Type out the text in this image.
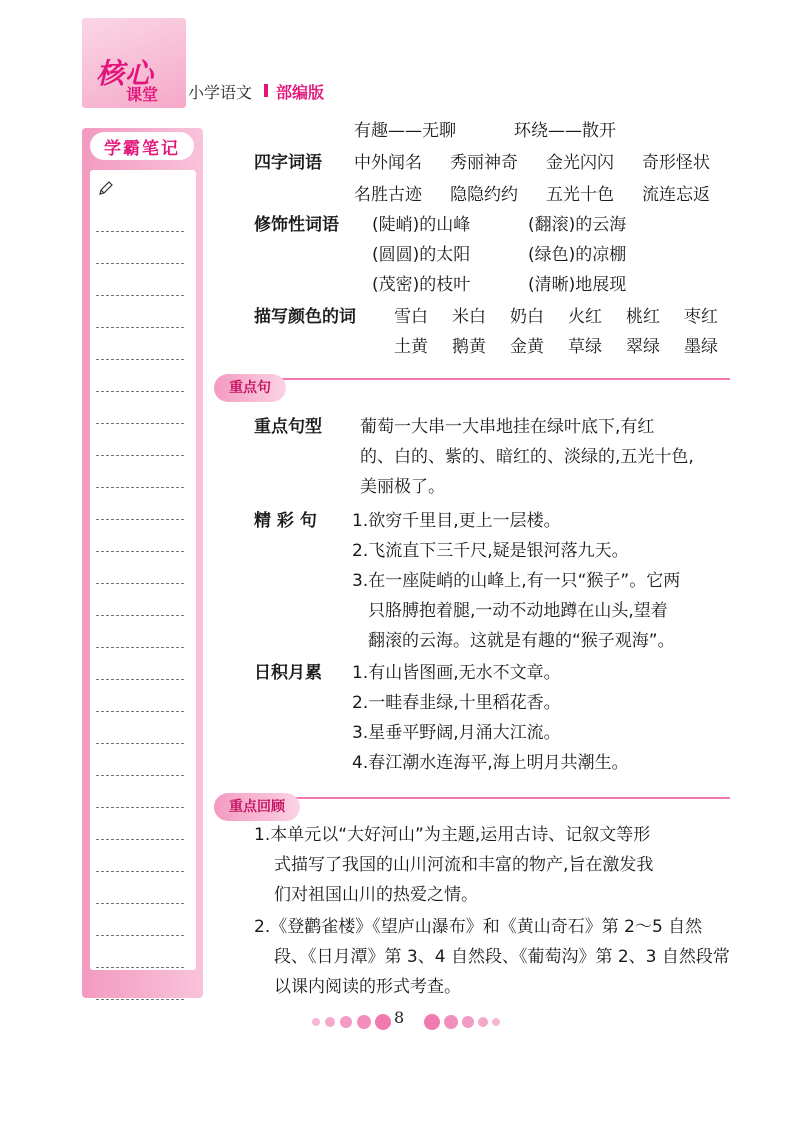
核心
课堂 小学语文 部编版
学霸笔记
有趣——无聊	环绕——散开
四字词语 中外闻名 秀丽神奇 金光闪闪 奇形怪状
名胜古迹 隐隐约约 五光十色 流连忘返
修饰性词语 (陡峭)的山峰	(翻滚)的云海
(圆圆)的太阳	(绿色)的凉棚
(茂密)的枝叶	(清晰)地展现
描写颜色的词 雪白 米白 奶白 火红 桃红 枣红
土黄 鹅黄 金黄 草绿 翠绿 墨绿
重点句
重点句型 葡萄一大串一大串地挂在绿叶底下,有红
的、白的、紫的、暗红的、淡绿的,五光十色,
美丽极了。
精 彩 句 1.欲穷千里目,更上一层楼。
2.飞流直下三千尺,疑是银河落九天。
3.在一座陡峭的山峰上,有一只“猴子”。它两
只胳膊抱着腿,一动不动地蹲在山头,望着
翻滚的云海。这就是有趣的“猴子观海”。
日积月累 1.有山皆图画,无水不文章。
2.一畦春韭绿,十里稻花香。
3.星垂平野阔,月涌大江流。
4.春江潮水连海平,海上明月共潮生。
重点回顾
1.本单元以“大好河山”为主题,运用古诗、记叙文等形
式描写了我国的山川河流和丰富的物产,旨在激发我
们对祖国山川的热爱之情。
2.《登鹳雀楼》《望庐山瀑布》和《黄山奇石》第 2～5 自然
段、《日月潭》第 3、4 自然段、《葡萄沟》第 2、3 自然段常
以课内阅读的形式考查。
8
